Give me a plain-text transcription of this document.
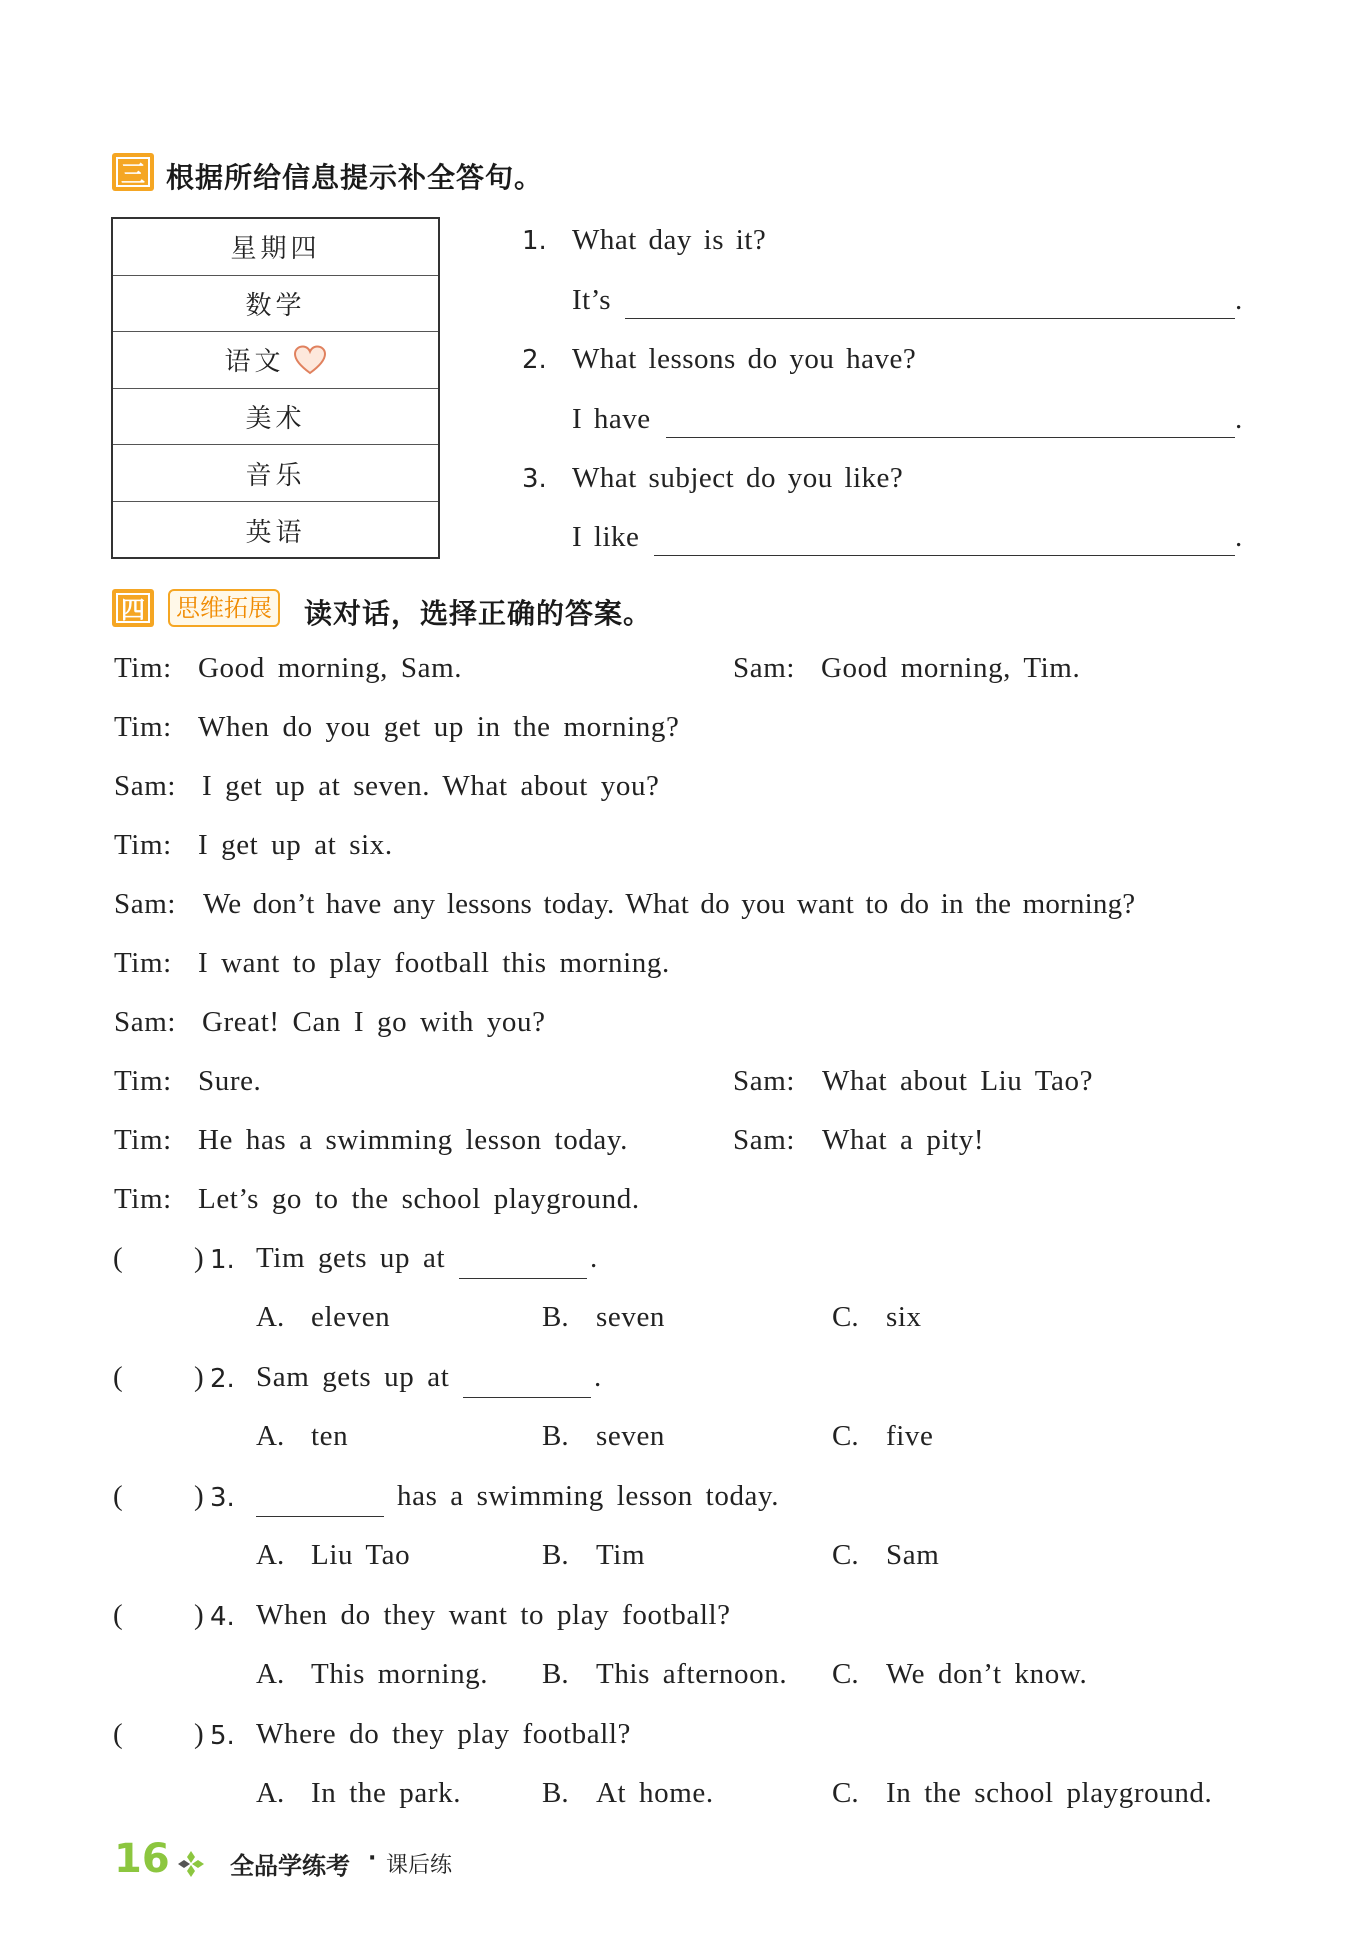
三 根据所给信息提示补全答句。
星期四
数学
语文
美术
音乐
英语
1. What day is it?
It’s	.
2. What lessons do you have?
I have	.
3. What subject do you like?
I like	.
四	思维拓展 读对话，选择正确的答案。
Tim: Good morning, Sam.	Sam: Good morning, Tim.
Tim: When do you get up in the morning?
Sam: I get up at seven. What about you?
Tim: I get up at six.
Sam: We don’t have any lessons today. What do you want to do in the morning?
Tim: I want to play football this morning.
Sam: Great! Can I go with you?
Tim: Sure.	Sam: What about Liu Tao?
Tim: He has a swimming lesson today.	Sam: What a pity!
Tim: Let’s go to the school playground.
( ) 1. Tim gets up at	.
A. eleven	B. seven	C. six
( ) 2. Sam gets up at	.
A. ten	B. seven	C. five
( ) 3.	has a swimming lesson today.
A. Liu Tao	B. Tim	C. Sam
( ) 4. When do they want to play football?
A. This morning. B. This afternoon. C. We don’t know.
( ) 5. Where do they play football?
A. In the park.	B. At home.	C. In the school playground.
16	全品学练考 · 课后练
